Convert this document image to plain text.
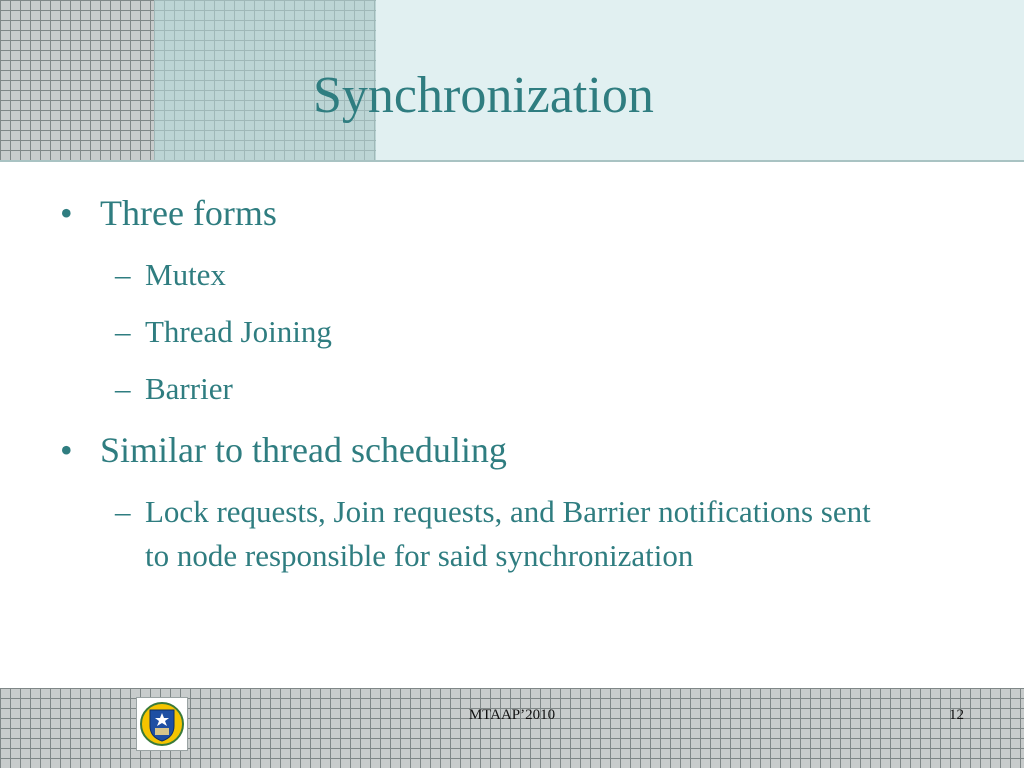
Synchronization
• Three forms
– Mutex
– Thread Joining
– Barrier
• Similar to thread scheduling
– Lock requests, Join requests, and Barrier notifications sent to node responsible for said synchronization
MTAAP’2010	12
